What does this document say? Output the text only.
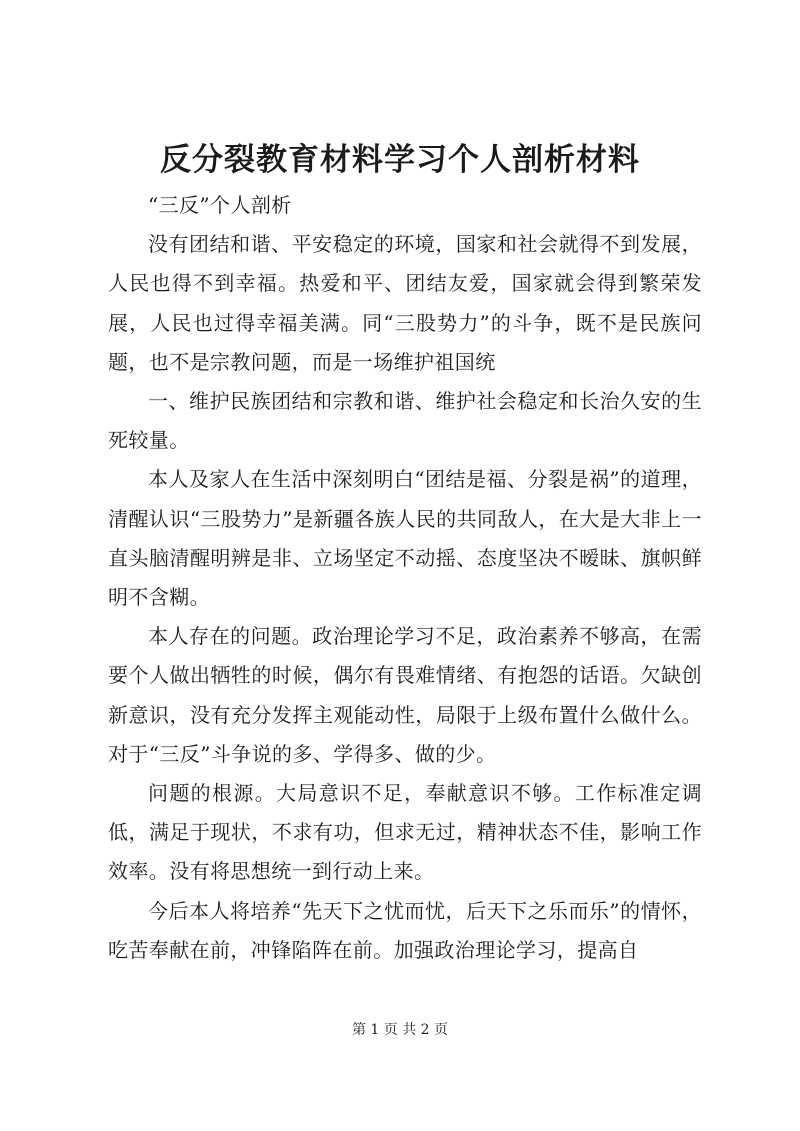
反分裂教育材料学习个人剖析材料

“三反”个人剖析

没有团结和谐、平安稳定的环境，国家和社会就得不到发展，人民也得不到幸福。热爱和平、团结友爱，国家就会得到繁荣发展，人民也过得幸福美满。同“三股势力”的斗争，既不是民族问题，也不是宗教问题，而是一场维护祖国统

一、维护民族团结和宗教和谐、维护社会稳定和长治久安的生死较量。

本人及家人在生活中深刻明白“团结是福、分裂是祸”的道理，清醒认识“三股势力”是新疆各族人民的共同敌人，在大是大非上一直头脑清醒明辨是非、立场坚定不动摇、态度坚决不暧昧、旗帜鲜明不含糊。

本人存在的问题。政治理论学习不足，政治素养不够高，在需要个人做出牺牲的时候，偶尔有畏难情绪、有抱怨的话语。欠缺创新意识，没有充分发挥主观能动性，局限于上级布置什么做什么。对于“三反”斗争说的多、学得多、做的少。

问题的根源。大局意识不足，奉献意识不够。工作标准定调低，满足于现状，不求有功，但求无过，精神状态不佳，影响工作效率。没有将思想统一到行动上来。

今后本人将培养“先天下之忧而忧，后天下之乐而乐”的情怀，吃苦奉献在前，冲锋陷阵在前。加强政治理论学习，提高自

第 1 页 共 2 页
